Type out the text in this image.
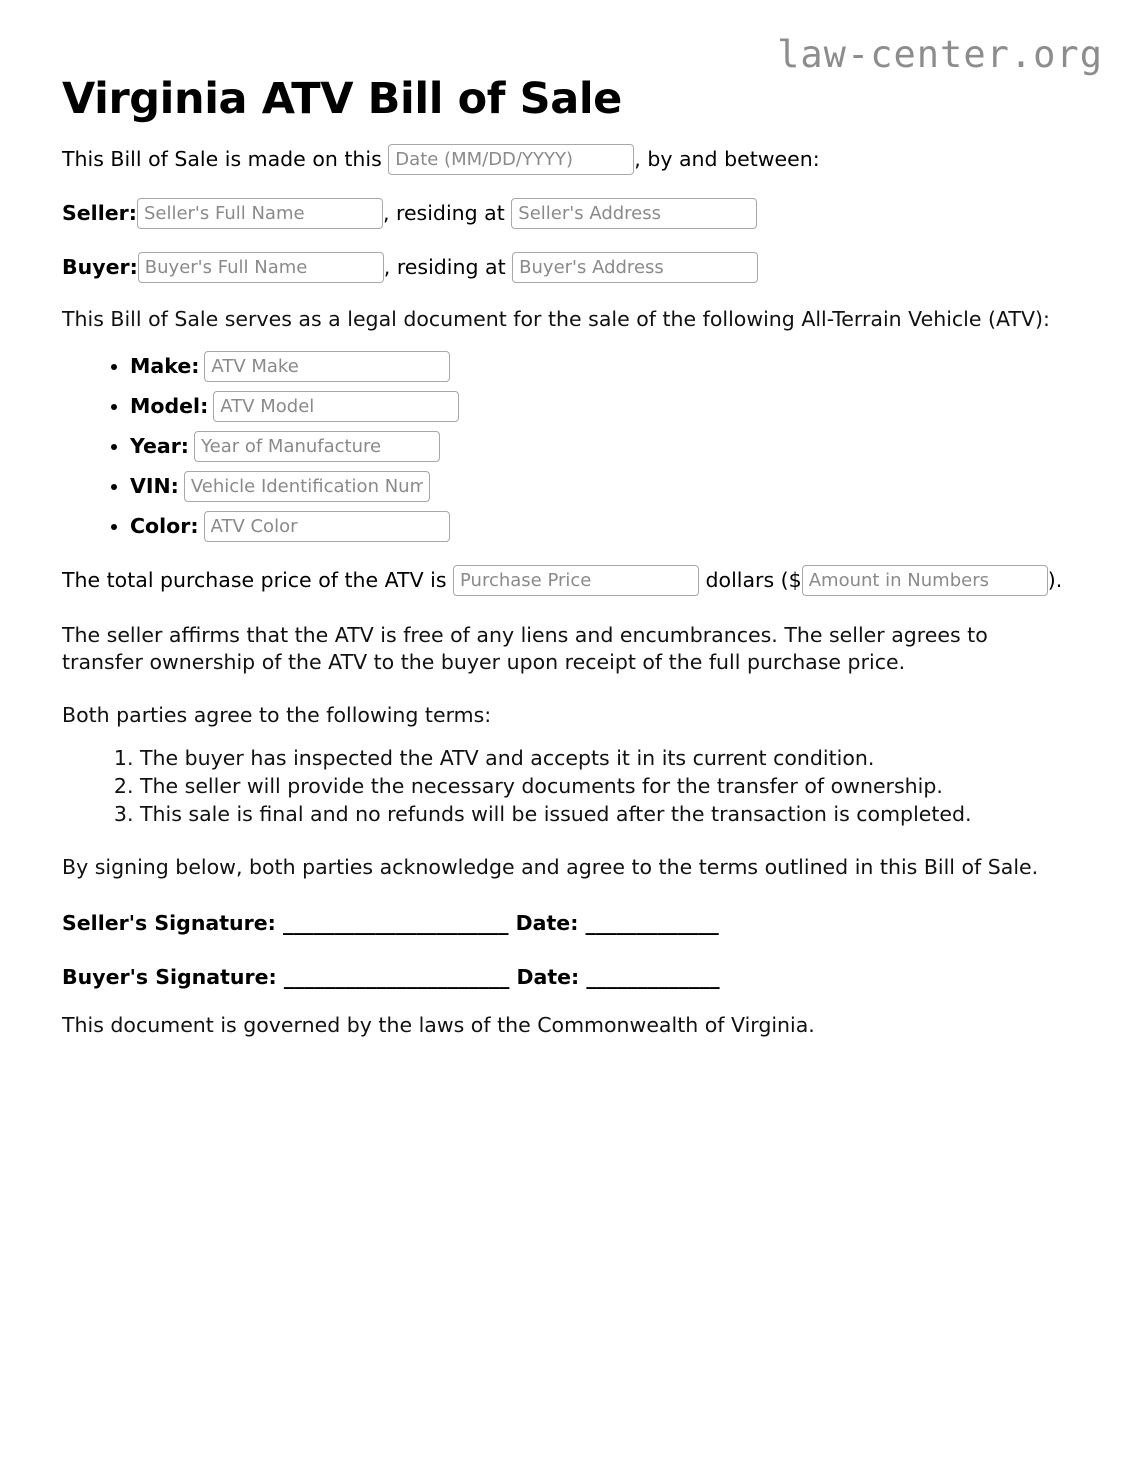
law-center.org
Virginia ATV Bill of Sale
This Bill of Sale is made on this
Date (MM/DD/YYYY)	, by and between:
Seller:
Seller's Full Name	, residing at
Seller's Address
Buyer:
Buyer's Full Name	, residing at
Buyer's Address

This Bill of Sale serves as a legal document for the sale of the following All-Terrain Vehicle (ATV):

• Make:
ATV Make
• Model:
ATV Model
• Year:
Year of Manufacture
• VIN:
Vehicle Identification Number
• Color:
ATV Color
The total purchase price of the ATV is
Purchase Price	dollars ($
Amount in Numbers	).

The seller affirms that the ATV is free of any liens and encumbrances. The seller agrees to transfer ownership of the ATV to the buyer upon receipt of the full purchase price.

Both parties agree to the following terms:

1. The buyer has inspected the ATV and accepts it in its current condition.
2. The seller will provide the necessary documents for the transfer of ownership.
3. This sale is final and no refunds will be issued after the transaction is completed.

By signing below, both parties acknowledge and agree to the terms outlined in this Bill of Sale.

Seller's Signature: ______________________ Date: _____________
Buyer's Signature: ______________________ Date: _____________

This document is governed by the laws of the Commonwealth of Virginia.
